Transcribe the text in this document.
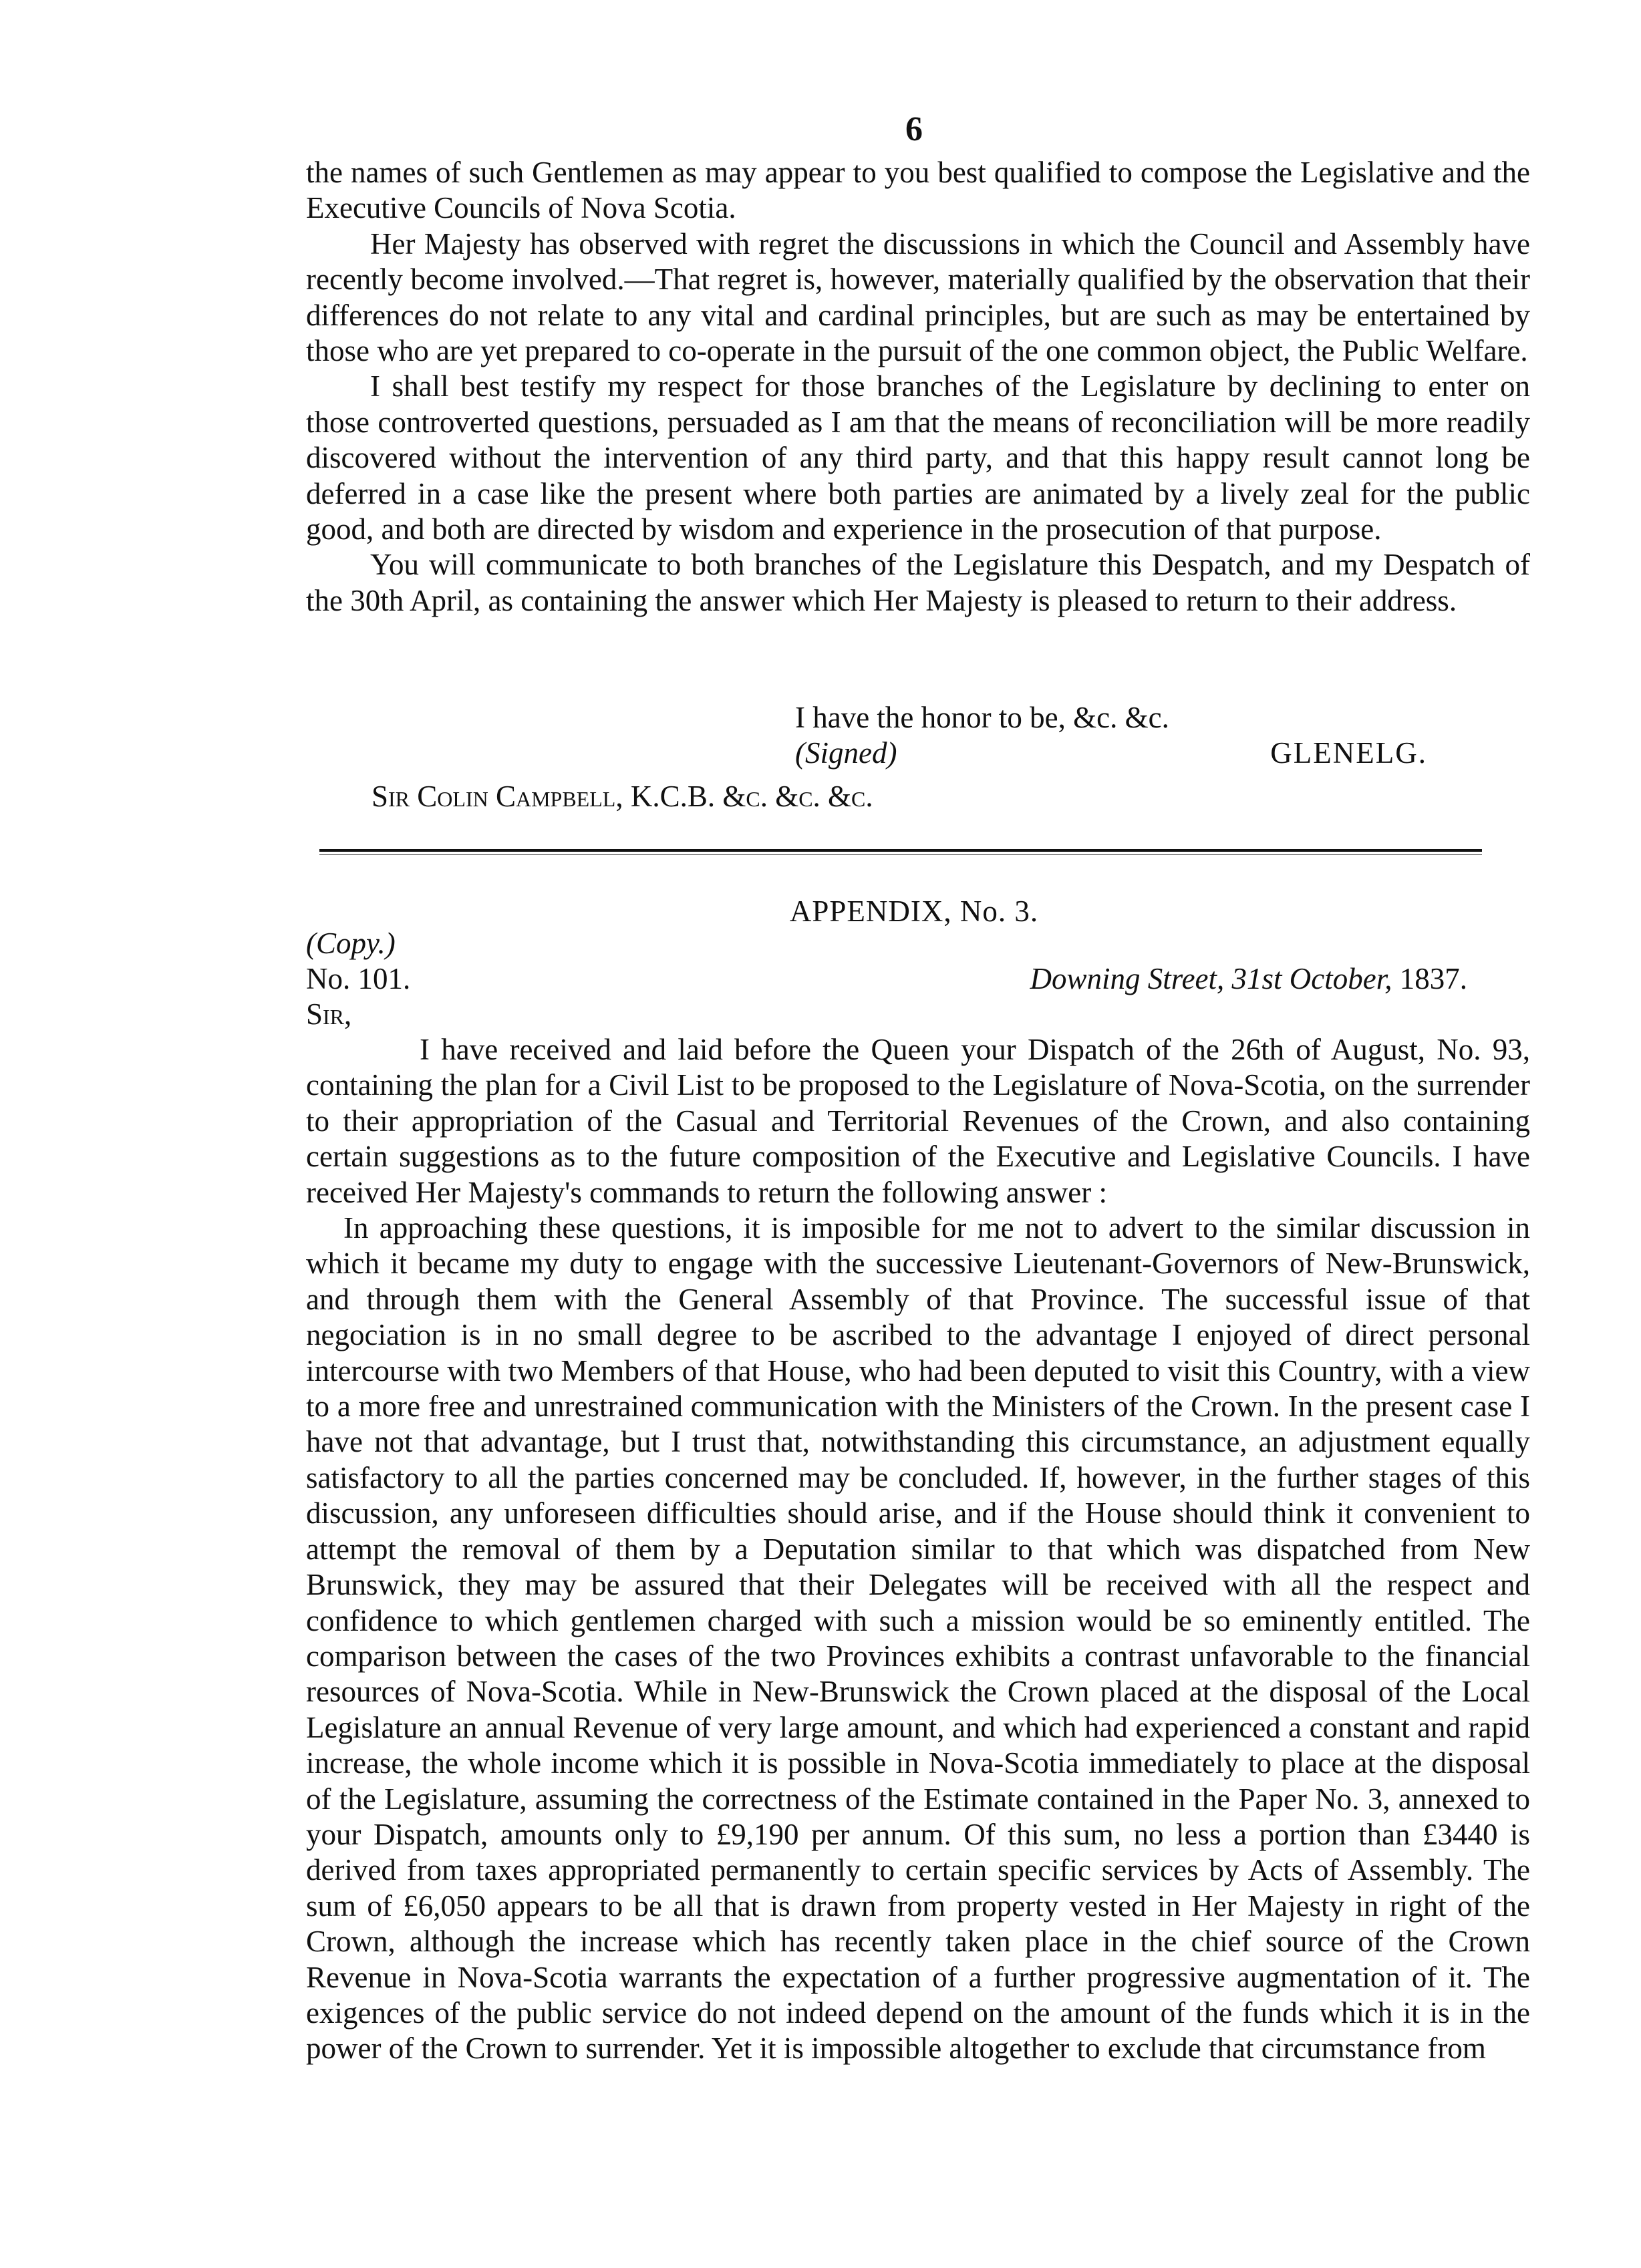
6

the names of such Gentlemen as may appear to you best qualified to compose the Legislative and the Executive Councils of Nova Scotia.

Her Majesty has observed with regret the discussions in which the Council and Assembly have recently become involved.—That regret is, however, materially qualified by the observation that their differences do not relate to any vital and cardinal principles, but are such as may be entertained by those who are yet prepared to co-operate in the pursuit of the one common object, the Public Welfare.

I shall best testify my respect for those branches of the Legislature by declining to enter on those controverted questions, persuaded as I am that the means of reconciliation will be more readily discovered without the intervention of any third party, and that this happy result cannot long be deferred in a case like the present where both parties are animated by a lively zeal for the public good, and both are directed by wisdom and experience in the prosecution of that purpose.

You will communicate to both branches of the Legislature this Despatch, and my Despatch of the 30th April, as containing the answer which Her Majesty is pleased to return to their address.

I have the honor to be, &c. &c.
(Signed)	GLENELG.
Sir Colin Campbell, K.C.B. &c. &c. &c.
APPENDIX, No. 3.
(Copy.)
No. 101.	Downing Street, 31st October, 1837.
Sir,

I have received and laid before the Queen your Dispatch of the 26th of August, No. 93, containing the plan for a Civil List to be proposed to the Legislature of Nova-Scotia, on the surrender to their appropriation of the Casual and Territorial Revenues of the Crown, and also containing certain suggestions as to the future composition of the Executive and Legislative Councils. I have received Her Majesty's commands to return the following answer :

In approaching these questions, it is imposible for me not to advert to the similar discussion in which it became my duty to engage with the successive Lieutenant-Governors of New-Brunswick, and through them with the General Assembly of that Province. The successful issue of that negociation is in no small degree to be ascribed to the advantage I enjoyed of direct personal intercourse with two Members of that House, who had been deputed to visit this Country, with a view to a more free and unrestrained communication with the Ministers of the Crown. In the present case I have not that advantage, but I trust that, notwithstanding this circumstance, an adjustment equally satisfactory to all the parties concerned may be concluded. If, however, in the further stages of this discussion, any unforeseen difficulties should arise, and if the House should think it convenient to attempt the removal of them by a Deputation similar to that which was dispatched from New Brunswick, they may be assured that their Delegates will be received with all the respect and confidence to which gentlemen charged with such a mission would be so eminently entitled. The comparison between the cases of the two Provinces exhibits a contrast unfavorable to the financial resources of Nova-Scotia. While in New-Brunswick the Crown placed at the disposal of the Local Legislature an annual Revenue of very large amount, and which had experienced a constant and rapid increase, the whole income which it is possible in Nova-Scotia immediately to place at the disposal of the Legislature, assuming the correctness of the Estimate contained in the Paper No. 3, annexed to your Dispatch, amounts only to £9,190 per annum. Of this sum, no less a portion than £3440 is derived from taxes appropriated permanently to certain specific services by Acts of Assembly. The sum of £6,050 appears to be all that is drawn from property vested in Her Majesty in right of the Crown, although the increase which has recently taken place in the chief source of the Crown Revenue in Nova-Scotia warrants the expectation of a further progressive augmentation of it. The exigences of the public service do not indeed depend on the amount of the funds which it is in the power of the Crown to surrender. Yet it is impossible altogether to exclude that circumstance from
